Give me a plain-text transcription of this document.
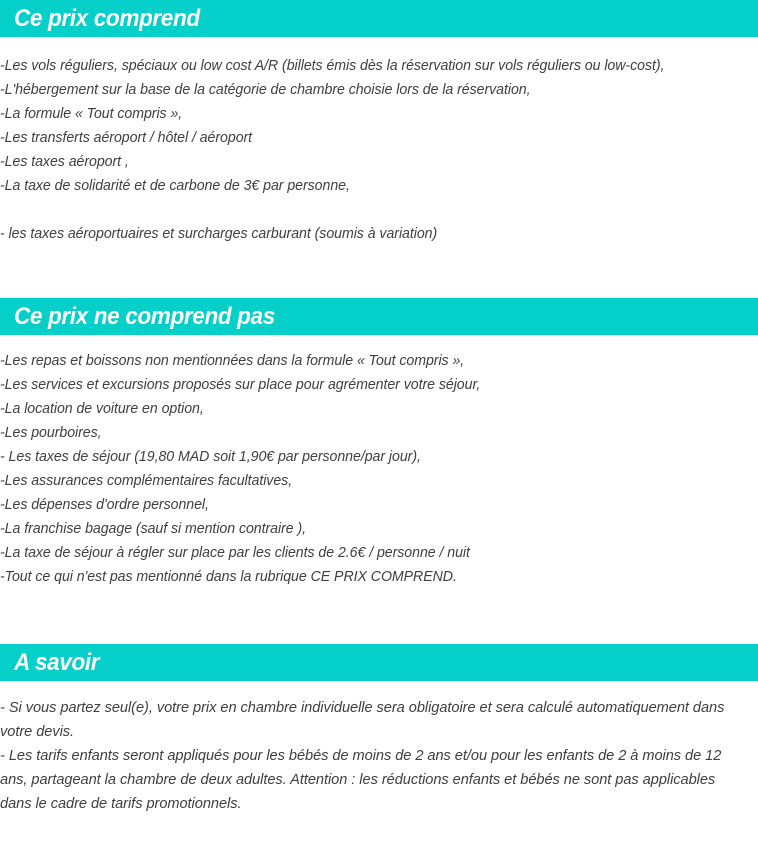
Ce prix comprend
-Les vols réguliers, spéciaux ou low cost A/R (billets émis dès la réservation sur vols réguliers ou low-cost),
-L'hébergement sur la base de la catégorie de chambre choisie lors de la réservation,
-La formule « Tout compris »,
-Les transferts aéroport / hôtel / aéroport
-Les taxes aéroport ,
-La taxe de solidarité et de carbone de 3€ par personne,
- les taxes aéroportuaires et surcharges carburant (soumis à variation)
Ce prix ne comprend pas
-Les repas et boissons non mentionnées dans la formule « Tout compris »,
-Les services et excursions proposés sur place pour agrémenter votre séjour,
-La location de voiture en option,
-Les pourboires,
- Les taxes de séjour (19,80 MAD soit 1,90€ par personne/par jour),
-Les assurances complémentaires facultatives,
-Les dépenses d'ordre personnel,
-La franchise bagage (sauf si mention contraire ),
-La taxe de séjour à régler sur place par les clients de 2.6€ / personne / nuit
-Tout ce qui n'est pas mentionné dans la rubrique CE PRIX COMPREND.
A savoir

- Si vous partez seul(e), votre prix en chambre individuelle sera obligatoire et sera calculé automatiquement dans votre devis.

- Les tarifs enfants seront appliqués pour les bébés de moins de 2 ans et/ou pour les enfants de 2 à moins de 12 ans, partageant la chambre de deux adultes. Attention : les réductions enfants et bébés ne sont pas applicables dans le cadre de tarifs promotionnels.
